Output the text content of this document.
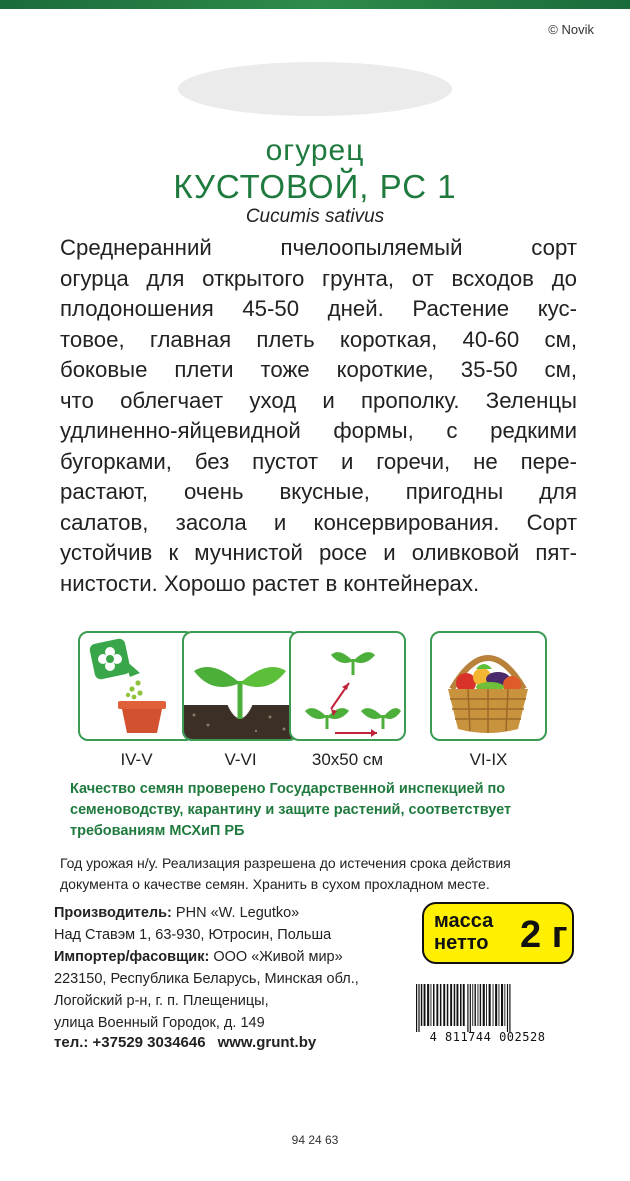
© Novik
огурец
КУСТОВОЙ, РС 1
Cucumis sativus

Среднеранний пчелоопыляемый сорт
огурца для открытого грунта, от всходов до
плодоношения 45-50 дней. Растение кус-
товое, главная плеть короткая, 40-60 см,
боковые плети тоже короткие, 35-50 см,
что облегчает уход и прополку. Зеленцы
удлиненно-яйцевидной формы, с редкими
бугорками, без пустот и горечи, не пере-
растают, очень вкусные, пригодны для
салатов, засола и консервирования. Сорт
устойчив к мучнистой росе и оливковой пят-
нистости. Хорошо растет в контейнерах.

IV-V	V-VI	30x50 см	VI-IX

Качество семян проверено Государственной инспекцией по семеноводству, карантину и защите растений, соответствует требованиям МСХиП РБ

Год урожая н/у. Реализация разрешена до истечения срока действия документа о качестве семян. Хранить в сухом прохладном месте.

Производитель: PHN «W. Legutko»
Над Ставэм 1, 63-930, Ютросин, Польша
Импортер/фасовщик: ООО «Живой мир»
223150, Республика Беларусь, Минская обл.,
Логойский р-н, г. п. Плещеницы,
улица Военный Городок, д. 149
тел.: +37529 3034646 www.grunt.by
масса
нетто 2 г
4 811744 002528
94 24 63
